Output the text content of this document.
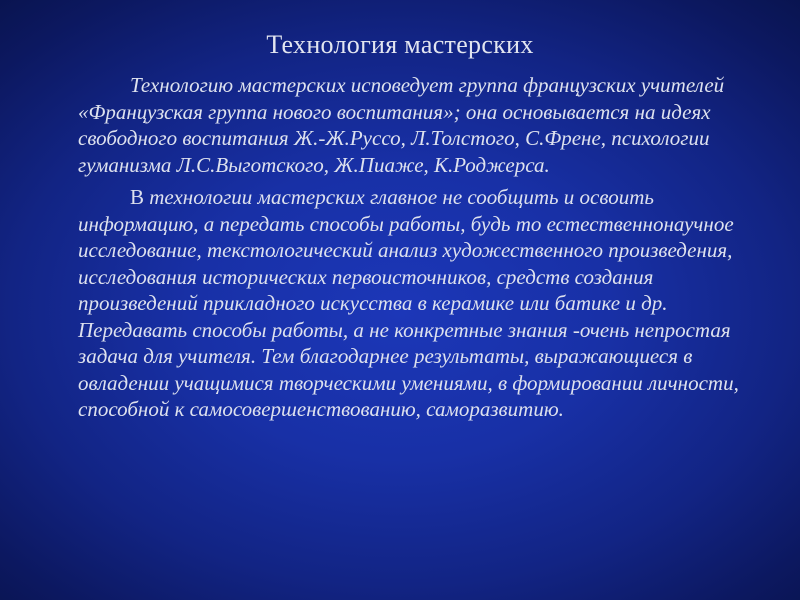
Технология мастерских

Технологию мастерских исповедует группа французских учителей «Французская группа нового воспитания»; она основывается на идеях свободного воспитания Ж.-Ж.Руссо, Л.Толстого, С.Френе, психологии гуманизма Л.С.Выготского, Ж.Пиаже, К.Роджерса.

В технологии мастерских главное не сообщить и освоить информацию, а передать способы работы, будь то естественнонаучное исследование, текстологический анализ художественного произведения, исследования исторических первоисточников, средств создания произведений прикладного искусства в керамике или батике и др. Передавать способы работы, а не конкретные знания -очень непростая задача для учителя. Тем благодарнее результаты, выражающиеся в овладении учащимися творческими умениями, в формировании личности, способной к самосовершенствованию, саморазвитию.
